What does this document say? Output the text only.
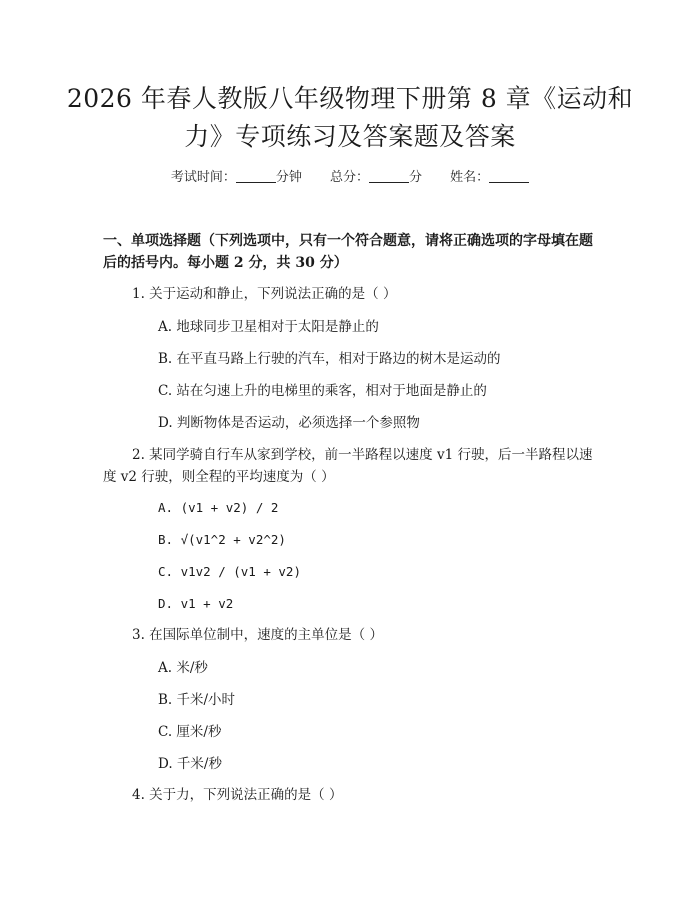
2026 年春人教版八年级物理下册第 8 章《运动和力》专项练习及答案题及答案
考试时间：	分钟 总分：	分 姓名：
一、单项选择题（下列选项中，只有一个符合题意，请将正确选项的字母填在题后的括号内。每小题 2 分，共 30 分）
1. 关于运动和静止，下列说法正确的是（ ）
A. 地球同步卫星相对于太阳是静止的
B. 在平直马路上行驶的汽车，相对于路边的树木是运动的
C. 站在匀速上升的电梯里的乘客，相对于地面是静止的
D. 判断物体是否运动，必须选择一个参照物
2. 某同学骑自行车从家到学校，前一半路程以速度 v1 行驶，后一半路程以速度 v2 行驶，则全程的平均速度为（ ）
A. (v1 + v2) / 2
B. √(v1^2 + v2^2)
C. v1v2 / (v1 + v2)
D. v1 + v2
3. 在国际单位制中，速度的主单位是（ ）
A. 米/秒
B. 千米/小时
C. 厘米/秒
D. 千米/秒
4. 关于力，下列说法正确的是（ ）
